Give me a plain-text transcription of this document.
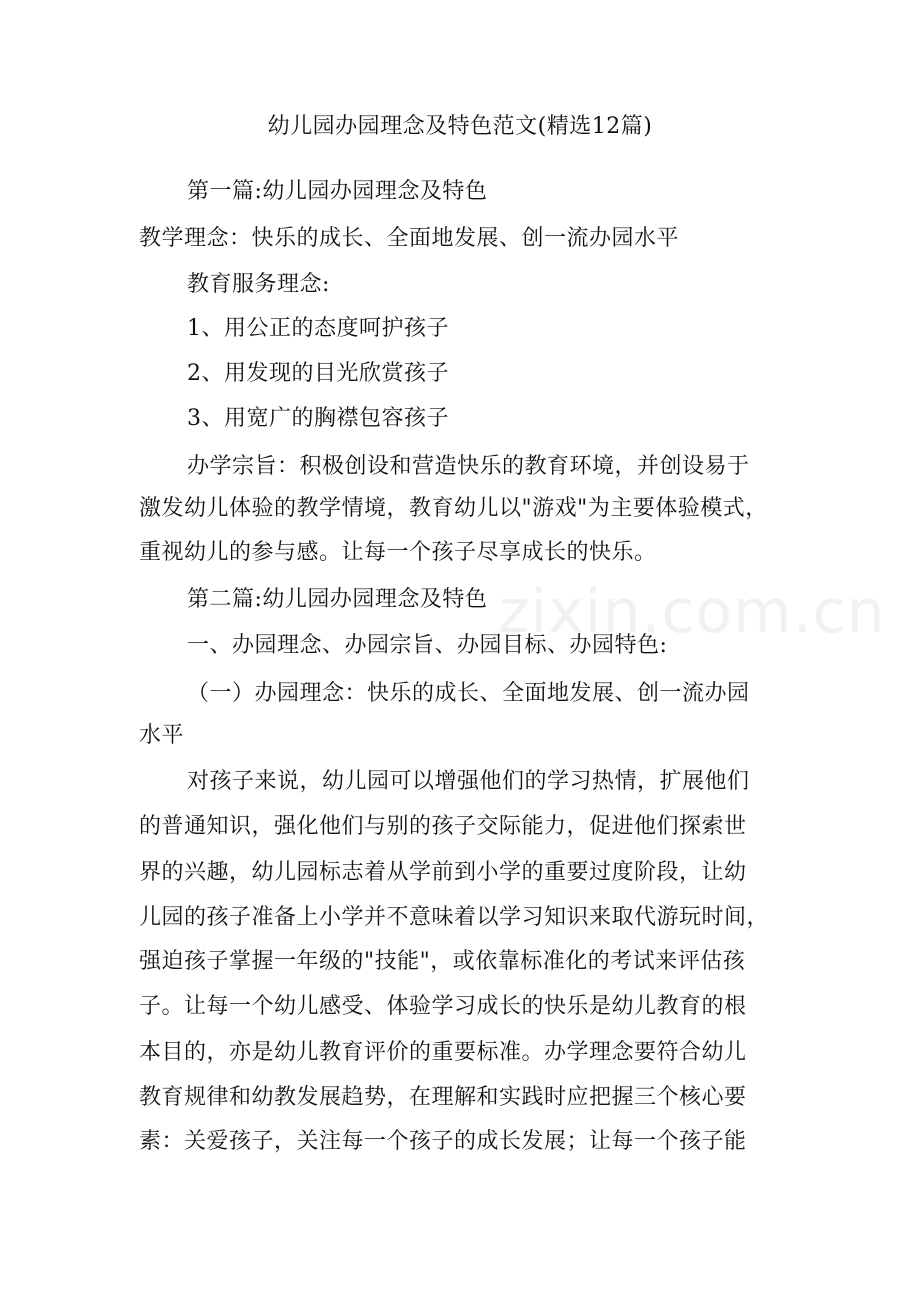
zixin.com.cn
幼儿园办园理念及特色范文(精选12篇)
第一篇:幼儿园办园理念及特色
教学理念：快乐的成长、全面地发展、创一流办园水平
教育服务理念:
1、用公正的态度呵护孩子
2、用发现的目光欣赏孩子
3、用宽广的胸襟包容孩子
办学宗旨：积极创设和营造快乐的教育环境，并创设易于
激发幼儿体验的教学情境，教育幼儿以"游戏"为主要体验模式，
重视幼儿的参与感。让每一个孩子尽享成长的快乐。
第二篇:幼儿园办园理念及特色
一、办园理念、办园宗旨、办园目标、办园特色:
（一）办园理念：快乐的成长、全面地发展、创一流办园
水平
对孩子来说，幼儿园可以增强他们的学习热情，扩展他们
的普通知识，强化他们与别的孩子交际能力，促进他们探索世
界的兴趣，幼儿园标志着从学前到小学的重要过度阶段，让幼
儿园的孩子准备上小学并不意味着以学习知识来取代游玩时间，
强迫孩子掌握一年级的"技能"，或依靠标准化的考试来评估孩
子。让每一个幼儿感受、体验学习成长的快乐是幼儿教育的根
本目的，亦是幼儿教育评价的重要标准。办学理念要符合幼儿
教育规律和幼教发展趋势，在理解和实践时应把握三个核心要
素：关爱孩子，关注每一个孩子的成长发展；让每一个孩子能
